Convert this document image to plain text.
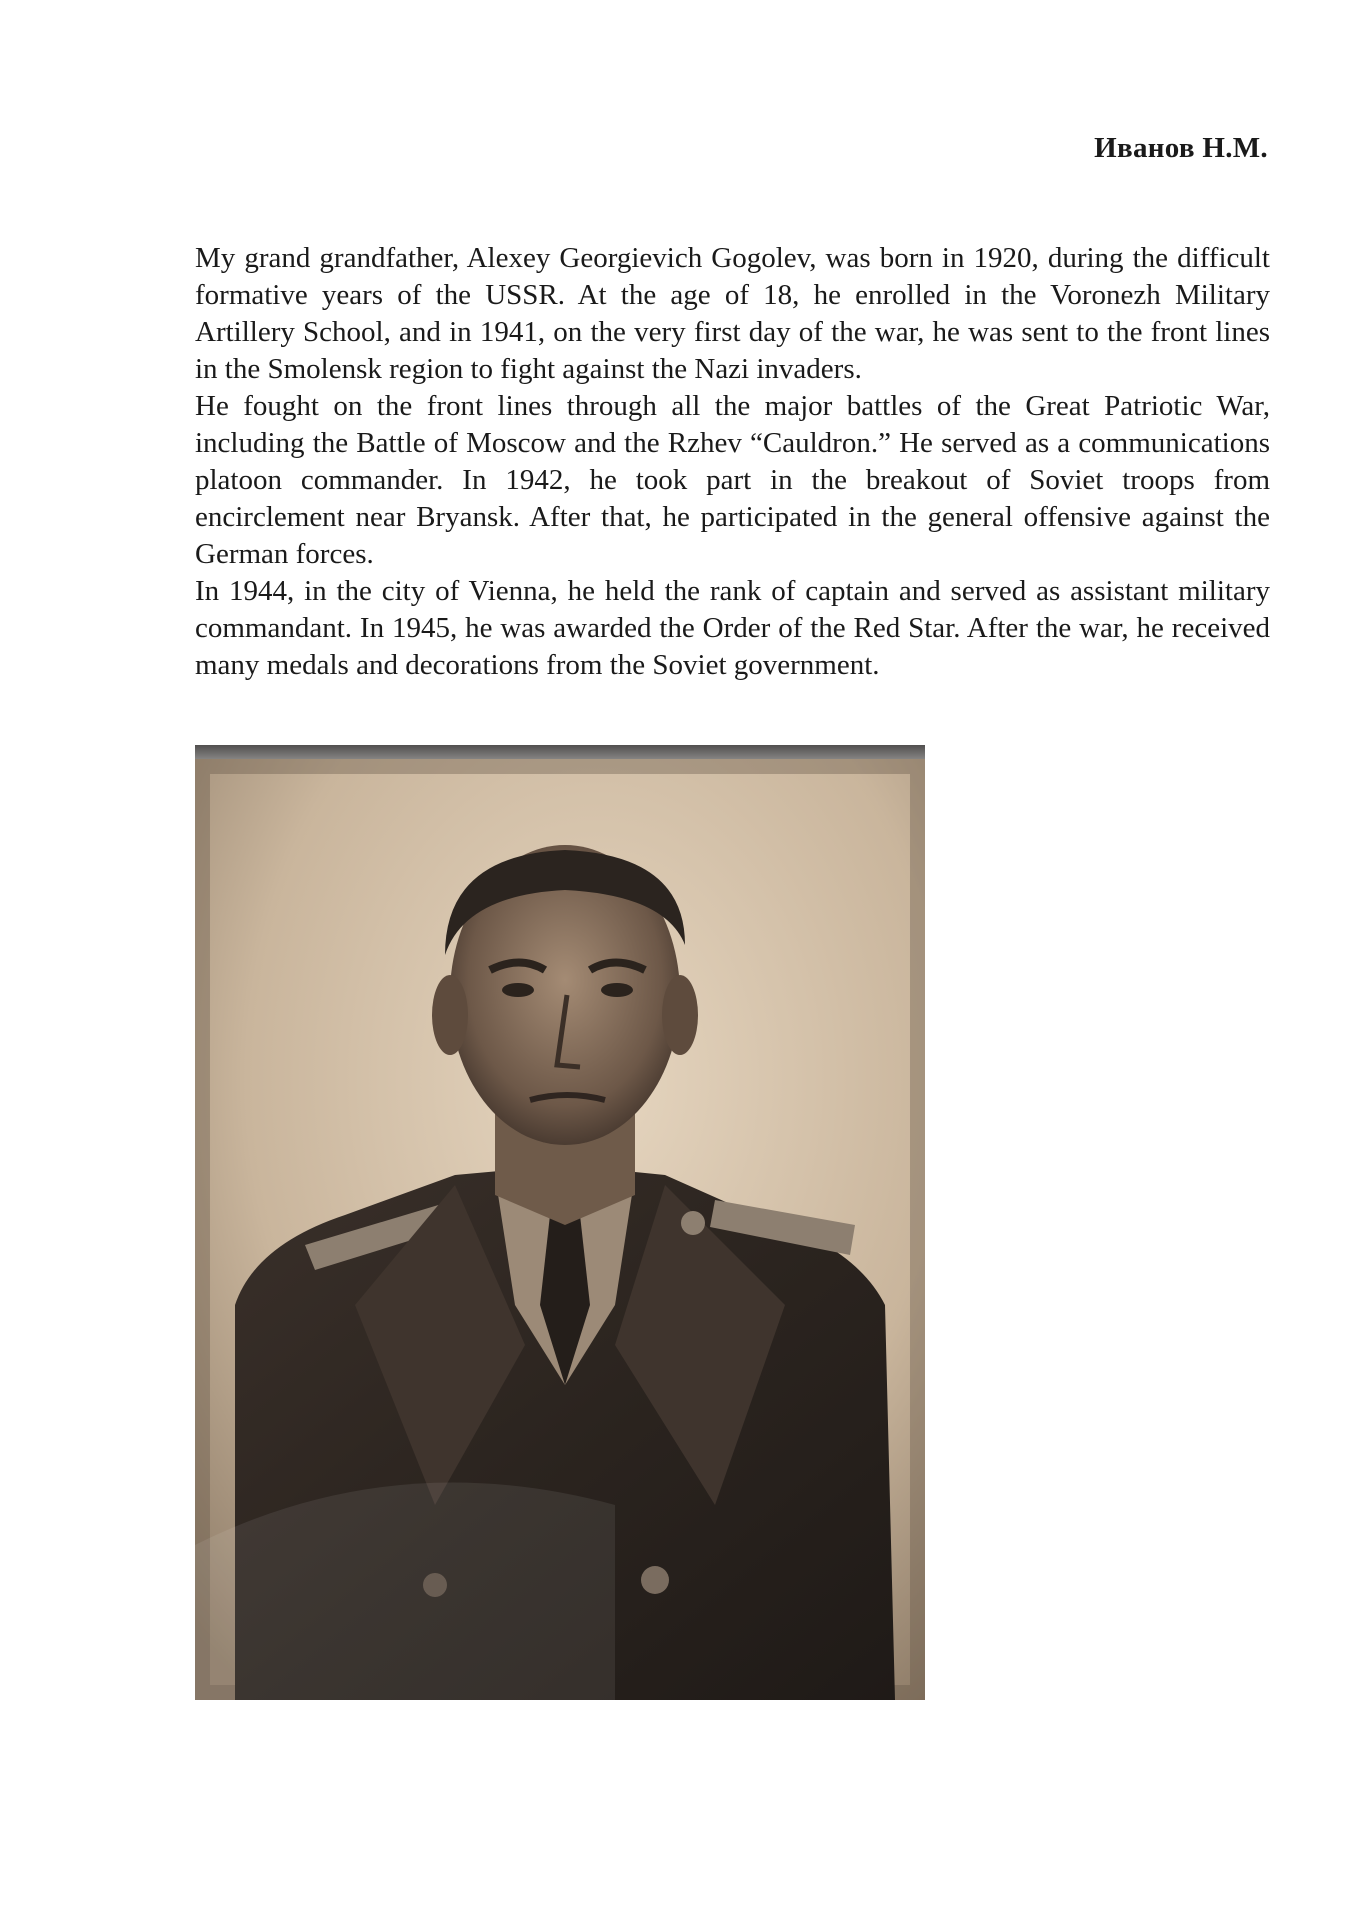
Иванов Н.М.

My grand grandfather, Alexey Georgievich Gogolev, was born in 1920, during the difficult formative years of the USSR. At the age of 18, he enrolled in the Voronezh Military Artillery School, and in 1941, on the very first day of the war, he was sent to the front lines in the Smolensk region to fight against the Nazi invaders.

He fought on the front lines through all the major battles of the Great Patriotic War, including the Battle of Moscow and the Rzhev “Cauldron.” He served as a communications platoon commander. In 1942, he took part in the breakout of Soviet troops from encirclement near Bryansk. After that, he participated in the general offensive against the German forces.

In 1944, in the city of Vienna, he held the rank of captain and served as assistant military commandant. In 1945, he was awarded the Order of the Red Star. After the war, he received many medals and decorations from the Soviet government.
